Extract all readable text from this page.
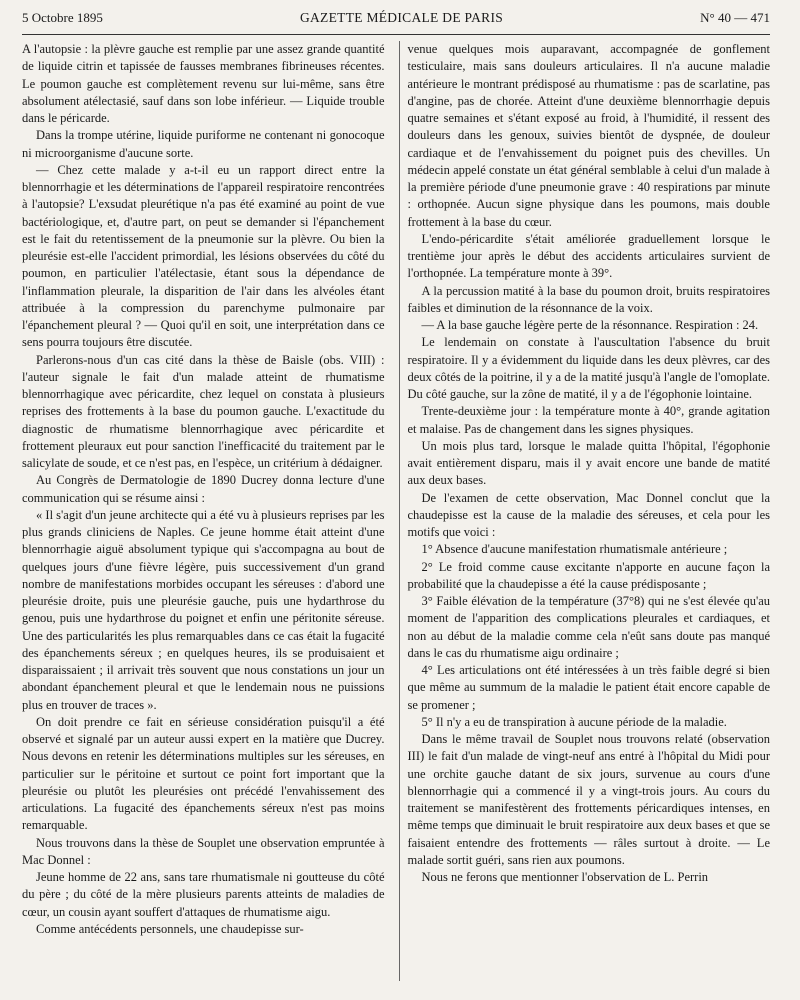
5 Octobre 1895	GAZETTE MÉDICALE DE PARIS	N° 40 — 471

A l'autopsie : la plèvre gauche est remplie par une assez grande quantité de liquide citrin et tapissée de fausses membranes fibrineuses récentes. Le poumon gauche est complètement revenu sur lui-même, sans être absolument atélectasié, sauf dans son lobe inférieur. — Liquide trouble dans le péricarde.

Dans la trompe utérine, liquide puriforme ne contenant ni gonocoque ni microorganisme d'aucune sorte.

— Chez cette malade y a-t-il eu un rapport direct entre la blennorrhagie et les déterminations de l'appareil respiratoire rencontrées à l'autopsie? L'exsudat pleurétique n'a pas été examiné au point de vue bactériologique, et, d'autre part, on peut se demander si l'épanchement est le fait du retentissement de la pneumonie sur la plèvre. Ou bien la pleurésie est-elle l'accident primordial, les lésions observées du côté du poumon, en particulier l'atélectasie, étant sous la dépendance de l'inflammation pleurale, la disparition de l'air dans les alvéoles étant attribuée à la compression du parenchyme pulmonaire par l'épanchement pleural ? — Quoi qu'il en soit, une interprétation dans ce sens pourra toujours être discutée.

Parlerons-nous d'un cas cité dans la thèse de Baisle (obs. VIII) : l'auteur signale le fait d'un malade atteint de rhumatisme blennorrhagique avec péricardite, chez lequel on constata à plusieurs reprises des frottements à la base du poumon gauche. L'exactitude du diagnostic de rhumatisme blennorrhagique avec péricardite et frottement pleuraux eut pour sanction l'inefficacité du traitement par le salicylate de soude, et ce n'est pas, en l'espèce, un critérium à dédaigner.

Au Congrès de Dermatologie de 1890 Ducrey donna lecture d'une communication qui se résume ainsi :

« Il s'agit d'un jeune architecte qui a été vu à plusieurs reprises par les plus grands cliniciens de Naples. Ce jeune homme était atteint d'une blennorrhagie aiguë absolument typique qui s'accompagna au bout de quelques jours d'une fièvre légère, puis successivement d'un grand nombre de manifestations morbides occupant les séreuses : d'abord une pleurésie droite, puis une pleurésie gauche, puis une hydarthrose du genou, puis une hydarthrose du poignet et enfin une péritonite séreuse. Une des particularités les plus remarquables dans ce cas était la fugacité des épanchements séreux ; en quelques heures, ils se produisaient et disparaissaient ; il arrivait très souvent que nous constations un jour un abondant épanchement pleural et que le lendemain nous ne puissions plus en trouver de traces ».

On doit prendre ce fait en sérieuse considération puisqu'il a été observé et signalé par un auteur aussi expert en la matière que Ducrey. Nous devons en retenir les déterminations multiples sur les séreuses, en particulier sur le péritoine et surtout ce point fort important que la pleurésie ou plutôt les pleurésies ont précédé l'envahissement des articulations. La fugacité des épanchements séreux n'est pas moins remarquable.

Nous trouvons dans la thèse de Souplet une observation empruntée à Mac Donnel :

Jeune homme de 22 ans, sans tare rhumatismale ni goutteuse du côté du père ; du côté de la mère plusieurs parents atteints de maladies de cœur, un cousin ayant souffert d'attaques de rhumatisme aigu.

Comme antécédents personnels, une chaudepisse sur-

venue quelques mois auparavant, accompagnée de gonflement testiculaire, mais sans douleurs articulaires. Il n'a aucune maladie antérieure le montrant prédisposé au rhumatisme : pas de scarlatine, pas d'angine, pas de chorée. Atteint d'une deuxième blennorrhagie depuis quatre semaines et s'étant exposé au froid, à l'humidité, il ressent des douleurs dans les genoux, suivies bientôt de dyspnée, de douleur cardiaque et de l'envahissement du poignet puis des chevilles. Un médecin appelé constate un état général semblable à celui d'un malade à la première période d'une pneumonie grave : 40 respirations par minute : orthopnée. Aucun signe physique dans les poumons, mais double frottement à la base du cœur.

L'endo-péricardite s'était améliorée graduellement lorsque le trentième jour après le début des accidents articulaires survient de l'orthopnée. La température monte à 39°.

A la percussion matité à la base du poumon droit, bruits respiratoires faibles et diminution de la résonnance de la voix.

— A la base gauche légère perte de la résonnance. Respiration : 24.

Le lendemain on constate à l'auscultation l'absence du bruit respiratoire. Il y a évidemment du liquide dans les deux plèvres, car des deux côtés de la poitrine, il y a de la matité jusqu'à l'angle de l'omoplate. Du côté gauche, sur la zône de matité, il y a de l'égophonie lointaine.

Trente-deuxième jour : la température monte à 40°, grande agitation et malaise. Pas de changement dans les signes physiques.

Un mois plus tard, lorsque le malade quitta l'hôpital, l'égophonie avait entièrement disparu, mais il y avait encore une bande de matité aux deux bases.

De l'examen de cette observation, Mac Donnel conclut que la chaudepisse est la cause de la maladie des séreuses, et cela pour les motifs que voici :

1° Absence d'aucune manifestation rhumatismale antérieure ;

2° Le froid comme cause excitante n'apporte en aucune façon la probabilité que la chaudepisse a été la cause prédisposante ;

3° Faible élévation de la température (37°8) qui ne s'est élevée qu'au moment de l'apparition des complications pleurales et cardiaques, et non au début de la maladie comme cela n'eût sans doute pas manqué dans le cas du rhumatisme aigu ordinaire ;

4° Les articulations ont été intéressées à un très faible degré si bien que même au summum de la maladie le patient était encore capable de se promener ;

5° Il n'y a eu de transpiration à aucune période de la maladie.

Dans le même travail de Souplet nous trouvons relaté (observation III) le fait d'un malade de vingt-neuf ans entré à l'hôpital du Midi pour une orchite gauche datant de six jours, survenue au cours d'une blennorrhagie qui a commencé il y a vingt-trois jours. Au cours du traitement se manifestèrent des frottements péricardiques intenses, en même temps que diminuait le bruit respiratoire aux deux bases et que se faisaient entendre des frottements — râles surtout à droite. — Le malade sortit guéri, sans rien aux poumons.

Nous ne ferons que mentionner l'observation de L. Perrin
